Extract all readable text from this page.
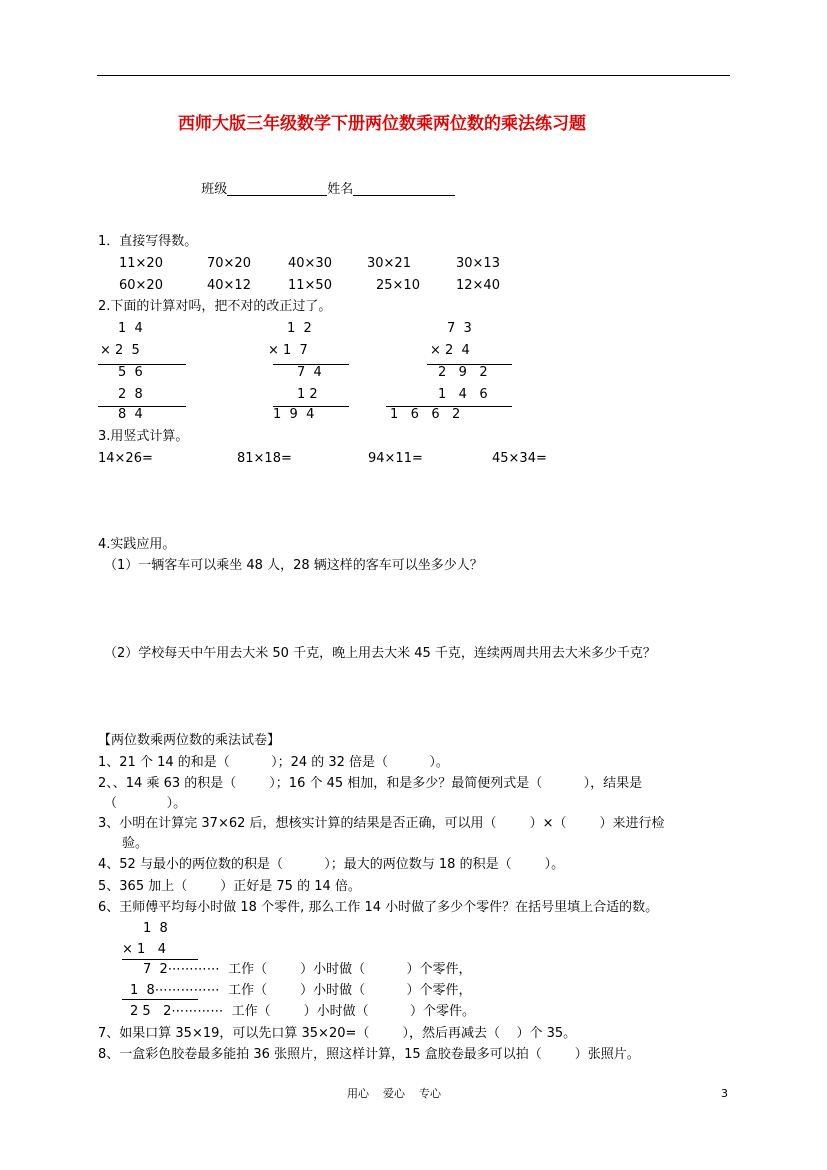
西师大版三年级数学下册两位数乘两位数的乘法练习题

班级	姓名

1．直接写得数。
11×20	70×20	40×30	30×21	30×13
60×20	40×12	11×50	25×10	12×40
2.下面的计算对吗，把不对的改正过了。
1  4
× 2  5
5  6
2  8
8  4
1  2
× 1  7
7  4
1 2
1  9  4
7  3
× 2  4
2   9   2
1   4   6
1   6   6   2
3.用竖式计算。
14×26=	81×18=	94×11=	45×34=
4.实践应用。
（1）一辆客车可以乘坐 48 人，28 辆这样的客车可以坐多少人？
（2）学校每天中午用去大米 50 千克，晚上用去大米 45 千克，连续两周共用去大米多少千克？
【两位数乘两位数的乘法试卷】
1、21 个 14 的和是（          ）；24 的 32 倍是（          ）。
2、、14 乘 63 的积是（        ）；16 个 45 相加，和是多少？最简便列式是（          ），结果是
（            ）。
3、小明在计算完 37×62 后，想核实计算的结果是否正确，可以用（        ）×（        ）来进行检
验。
4、52 与最小的两位数的积是（          ）；最大的两位数与 18 的积是（        ）。
5、365 加上（        ）正好是 75 的 14 倍。
6、王师傅平均每小时做 18 个零件, 那么工作 14 小时做了多少个零件？在括号里填上合适的数。
1  8
× 1   4
7  2⋯⋯⋯⋯  工作（        ）小时做（          ）个零件，
1  8⋯⋯⋯⋯⋯  工作（        ）小时做（          ）个零件，
2 5   2⋯⋯⋯⋯  工作（        ）小时做（          ）个零件。
7、如果口算 35×19，可以先口算 35×20=（        ），然后再减去（    ）个 35。
8、一盒彩色胶卷最多能拍 36 张照片，照这样计算，15 盒胶卷最多可以拍（        ）张照片。
用心    爱心    专心	3
